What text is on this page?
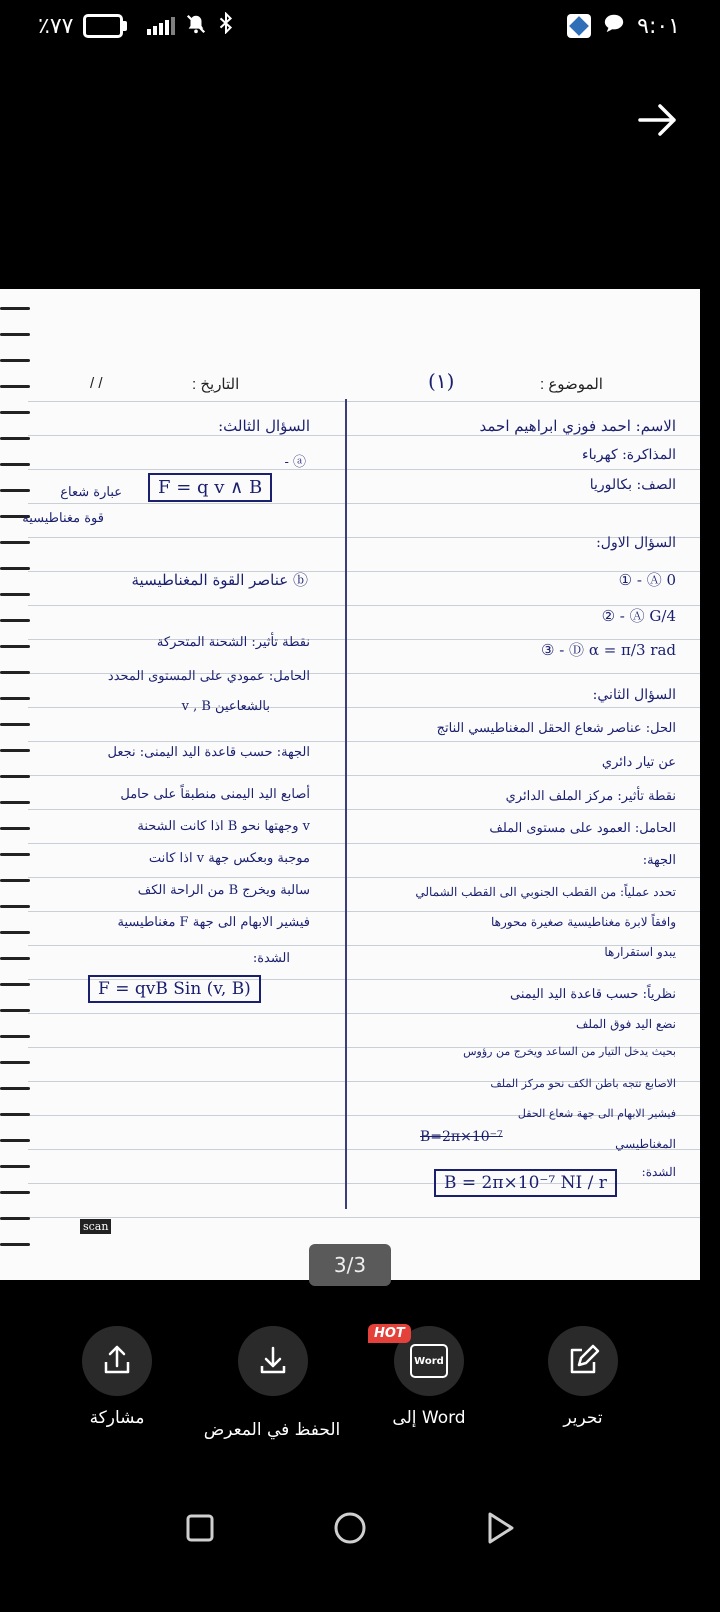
٪٧٧	٩:٠١
/ /	التاريخ :	(١)	الموضوع :
الاسم: احمد فوزي ابراهيم احمد
المذاكرة: كهرباء
الصف: بكالوريا
السؤال الاول:
Ⓐ 0 - ①
Ⓐ G/4 - ②
Ⓓ α = π/3 rad - ③
السؤال الثاني:
الحل: عناصر شعاع الحقل المغناطيسي الناتج
عن تيار دائري
نقطة تأثير: مركز الملف الدائري
الحامل: العمود على مستوى الملف
الجهة:
تحدد عملياً: من القطب الجنوبي الى القطب الشمالي
وافقاً لابرة مغناطيسية صغيرة محورها
يبدو استقرارها
نظرياً: حسب قاعدة اليد اليمنى
نضع اليد فوق الملف
بحيث يدخل التيار من الساعد ويخرج من رؤوس
الاصابع تتجه باطن الكف نحو مركز الملف
فيشير الابهام الى جهة شعاع الحقل
المغناطيسي
الشدة:
B=2π×10⁻⁷
B = 2π×10⁻⁷ NI / r
السؤال الثالث:
ⓐ -
عبارة شعاع
قوة مغناطيسية
ⓑ عناصر القوة المغناطيسية
نقطة تأثير: الشحنة المتحركة
الحامل: عمودي على المستوى المحدد
بالشعاعين v , B
الجهة: حسب قاعدة اليد اليمنى: نجعل
أصابع اليد اليمنى منطبقاً على حامل
v وجهتها نحو B اذا كانت الشحنة
موجبة وبعكس جهة v اذا كانت
سالبة ويخرج B من الراحة الكف
فيشير الابهام الى جهة F مغناطيسية
الشدة:
F = q v ∧ B
F = qvB Sin (v, B)
scan
3/3
مشاركة
الحفظ في المعرض
Word
HOT
إلى Word	تحرير
